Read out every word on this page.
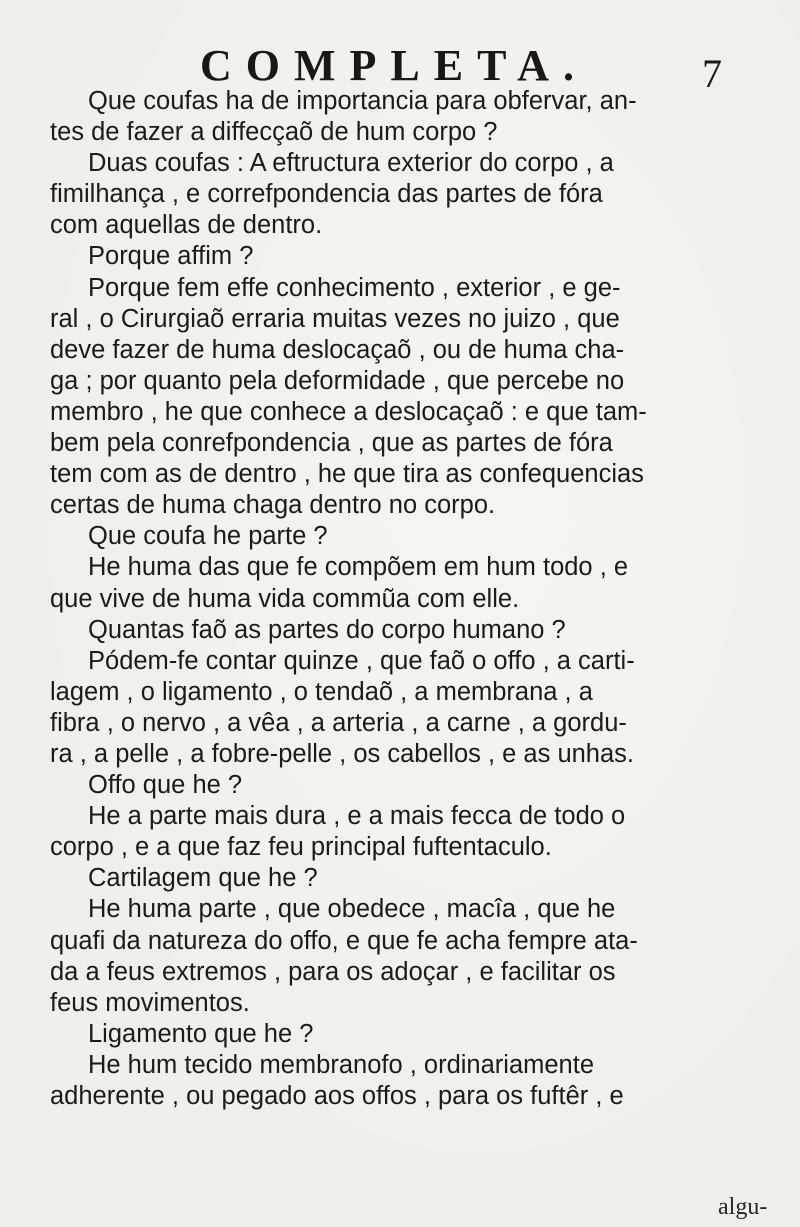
COMPLETA.	7
Que coufas ha de importancia para obfervar, an-
tes de fazer a diffecçaõ de hum corpo ?
Duas coufas : A eftructura exterior do corpo , a
fimilhança , e correfpondencia das partes de fóra
com aquellas de dentro.
Porque affim ?
Porque fem effe conhecimento , exterior , e ge-
ral , o Cirurgiaõ erraria muitas vezes no juizo , que
deve fazer de huma deslocaçaõ , ou de huma cha-
ga ; por quanto pela deformidade , que percebe no
membro , he que conhece a deslocaçaõ : e que tam-
bem pela conrefpondencia , que as partes de fóra
tem com as de dentro , he que tira as confequencias
certas de huma chaga dentro no corpo.
Que coufa he parte ?
He huma das que fe compõem em hum todo , e
que vive de huma vida commũa com elle.
Quantas faõ as partes do corpo humano ?
Pódem-fe contar quinze , que faõ o offo , a carti-
lagem , o ligamento , o tendaõ , a membrana , a
fibra , o nervo , a vêa , a arteria , a carne , a gordu-
ra , a pelle , a fobre-pelle , os cabellos , e as unhas.
Offo que he ?
He a parte mais dura , e a mais fecca de todo o
corpo , e a que faz feu principal fuftentaculo.
Cartilagem que he ?
He huma parte , que obedece , macîa , que he
quafi da natureza do offo, e que fe acha fempre ata-
da a feus extremos , para os adoçar , e facilitar os
feus movimentos.
Ligamento que he ?
He hum tecido membranofo , ordinariamente
adherente , ou pegado aos offos , para os fuftêr , e
algu-
